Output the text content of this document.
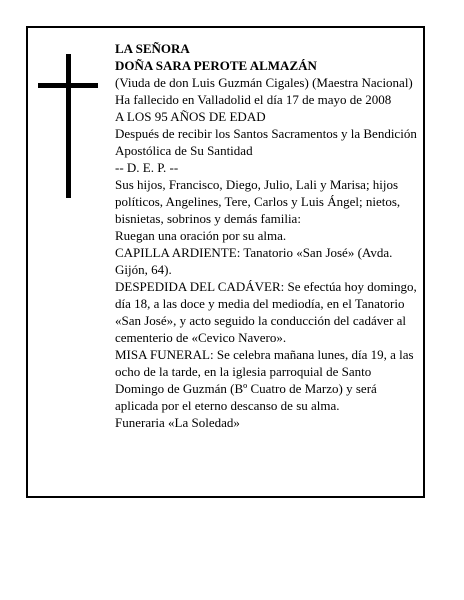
LA SEÑORA

DOÑA SARA PEROTE ALMAZÁN

(Viuda de don Luis Guzmán Cigales) (Maestra Nacional)

Ha fallecido en Valladolid el día 17 de mayo de 2008

A LOS 95 AÑOS DE EDAD

Después de recibir los Santos Sacramentos y la Bendición Apostólica de Su Santidad

-- D. E. P. --

Sus hijos, Francisco, Diego, Julio, Lali y Marisa; hijos políticos, Angelines, Tere, Carlos y Luis Ángel; nietos, bisnietas, sobrinos y demás familia:

Ruegan una oración por su alma.

CAPILLA ARDIENTE: Tanatorio «San José» (Avda. Gijón, 64).

DESPEDIDA DEL CADÁVER: Se efectúa hoy domingo, día 18, a las doce y media del mediodía, en el Tanatorio «San José», y acto seguido la conducción del cadáver al cementerio de «Cevico Navero».

MISA FUNERAL: Se celebra mañana lunes, día 19, a las ocho de la tarde, en la iglesia parroquial de Santo Domingo de Guzmán (Bº Cuatro de Marzo) y será aplicada por el eterno descanso de su alma.

Funeraria «La Soledad»
